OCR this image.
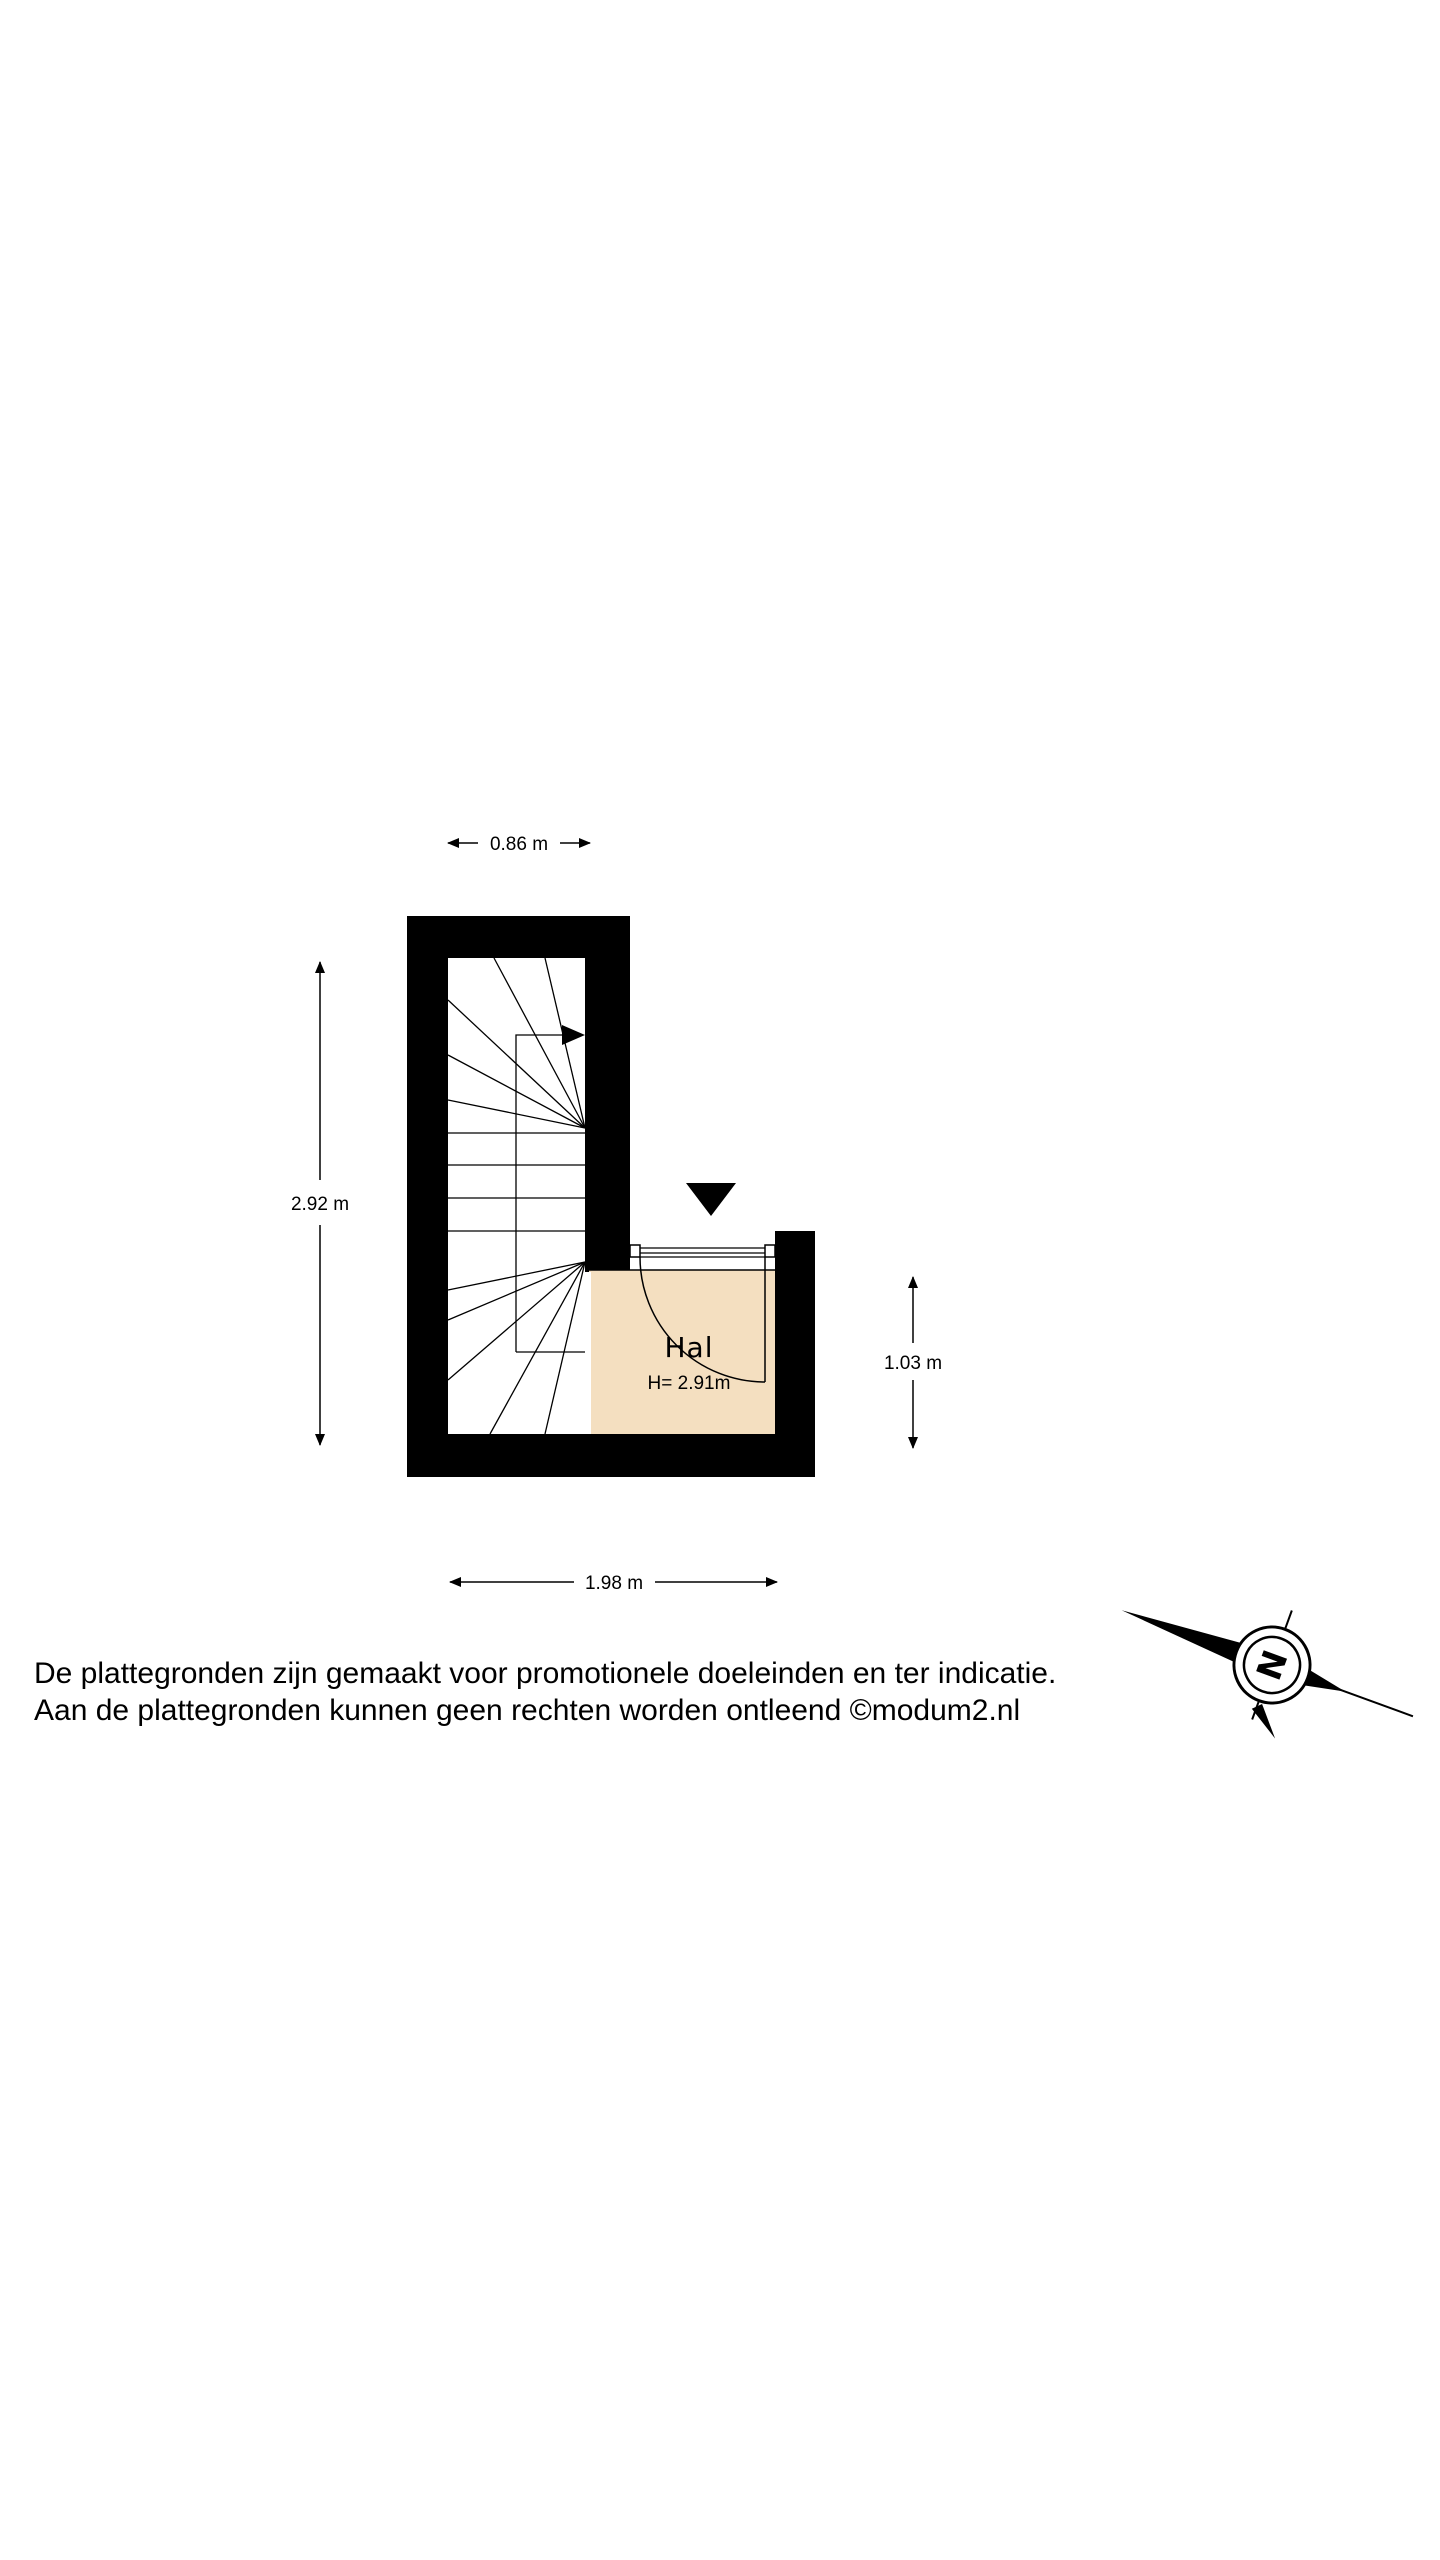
0.86 m
2.92 m
1.03 m
1.98 m
Hal
H= 2.91m
N
De plattegronden zijn gemaakt voor promotionele doeleinden en ter indicatie.
Aan de plattegronden kunnen geen rechten worden ontleend ©modum2.nl
